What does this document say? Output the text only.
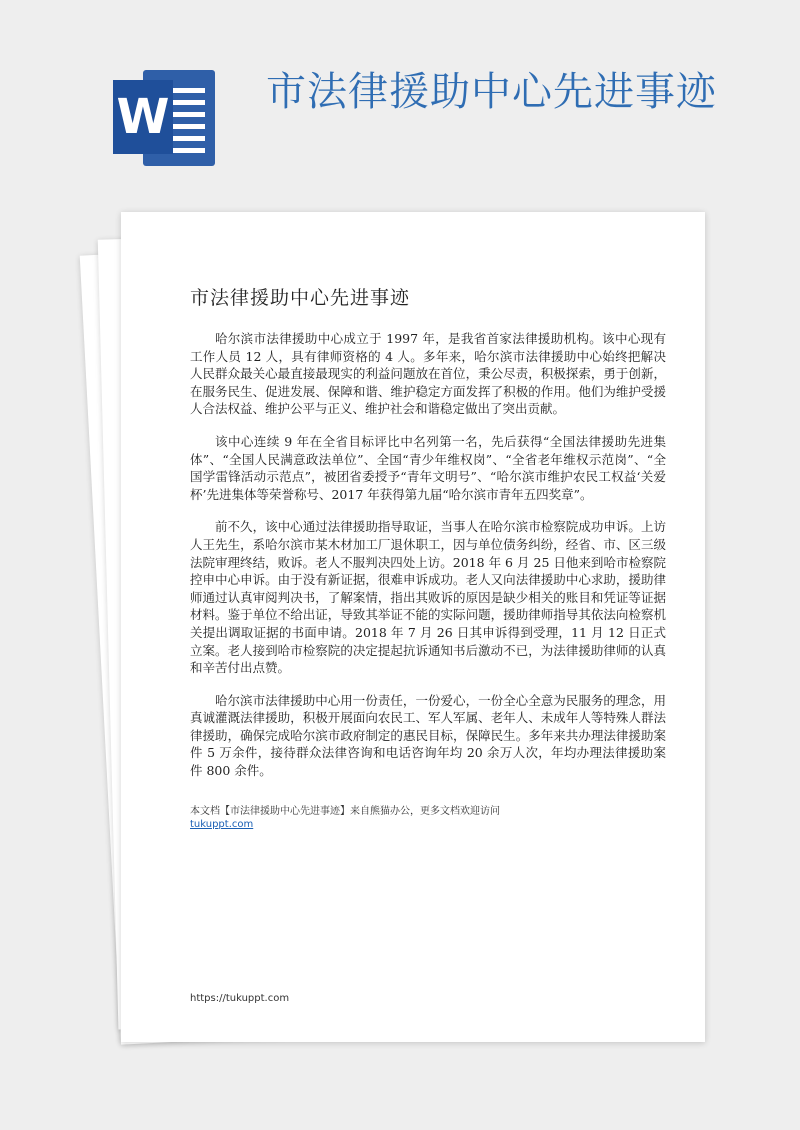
W 市法律援助中心先进事迹
市法律援助中心先进事迹

哈尔滨市法律援助中心成立于 1997 年，是我省首家法律援助机构。该中心现有工作人员 12 人，具有律师资格的 4 人。多年来，哈尔滨市法律援助中心始终把解决人民群众最关心最直接最现实的利益问题放在首位，秉公尽责，积极探索，勇于创新，在服务民生、促进发展、保障和谐、维护稳定方面发挥了积极的作用。他们为维护受援人合法权益、维护公平与正义、维护社会和谐稳定做出了突出贡献。

该中心连续 9 年在全省目标评比中名列第一名，先后获得“全国法律援助先进集体”、“全国人民满意政法单位”、全国“青少年维权岗”、“全省老年维权示范岗”、“全国学雷锋活动示范点”，被团省委授予“青年文明号”、“哈尔滨市维护农民工权益‘关爱杯’先进集体等荣誉称号、2017 年获得第九届“哈尔滨市青年五四奖章”。

前不久，该中心通过法律援助指导取证，当事人在哈尔滨市检察院成功申诉。上访人王先生，系哈尔滨市某木材加工厂退休职工，因与单位债务纠纷，经省、市、区三级法院审理终结，败诉。老人不服判决四处上访。2018 年 6 月 25 日他来到哈市检察院控申中心申诉。由于没有新证据，很难申诉成功。老人又向法律援助中心求助，援助律师通过认真审阅判决书，了解案情，指出其败诉的原因是缺少相关的账目和凭证等证据材料。鉴于单位不给出证，导致其举证不能的实际问题，援助律师指导其依法向检察机关提出调取证据的书面申请。2018 年 7 月 26 日其申诉得到受理，11 月 12 日正式立案。老人接到哈市检察院的决定提起抗诉通知书后激动不已，为法律援助律师的认真和辛苦付出点赞。

哈尔滨市法律援助中心用一份责任，一份爱心，一份全心全意为民服务的理念，用真诚灌溉法律援助，积极开展面向农民工、军人军属、老年人、未成年人等特殊人群法律援助，确保完成哈尔滨市政府制定的惠民目标，保障民生。多年来共办理法律援助案件 5 万余件，接待群众法律咨询和电话咨询年均 20 余万人次，年均办理法律援助案件 800 余件。

本文档【市法律援助中心先进事迹】来自熊猫办公，更多文档欢迎访问
tukuppt.com
https://tukuppt.com
